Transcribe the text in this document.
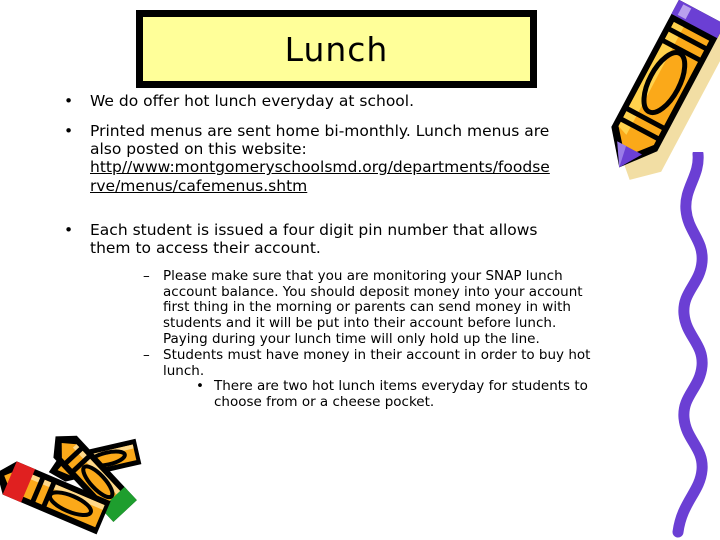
Lunch
• We do offer hot lunch everyday at school.
• Printed menus are sent home bi-monthly. Lunch menus are
also posted on this website:
http//www:montgomeryschoolsmd.org/departments/foodse
rve/menus/cafemenus.shtm
• Each student is issued a four digit pin number that allows
them to access their account.
– Please make sure that you are monitoring your SNAP lunch
account balance. You should deposit money into your account
first thing in the morning or parents can send money in with
students and it will be put into their account before lunch.
Paying during your lunch time will only hold up the line.
– Students must have money in their account in order to buy hot
lunch.
• There are two hot lunch items everyday for students to
choose from or a cheese pocket.
